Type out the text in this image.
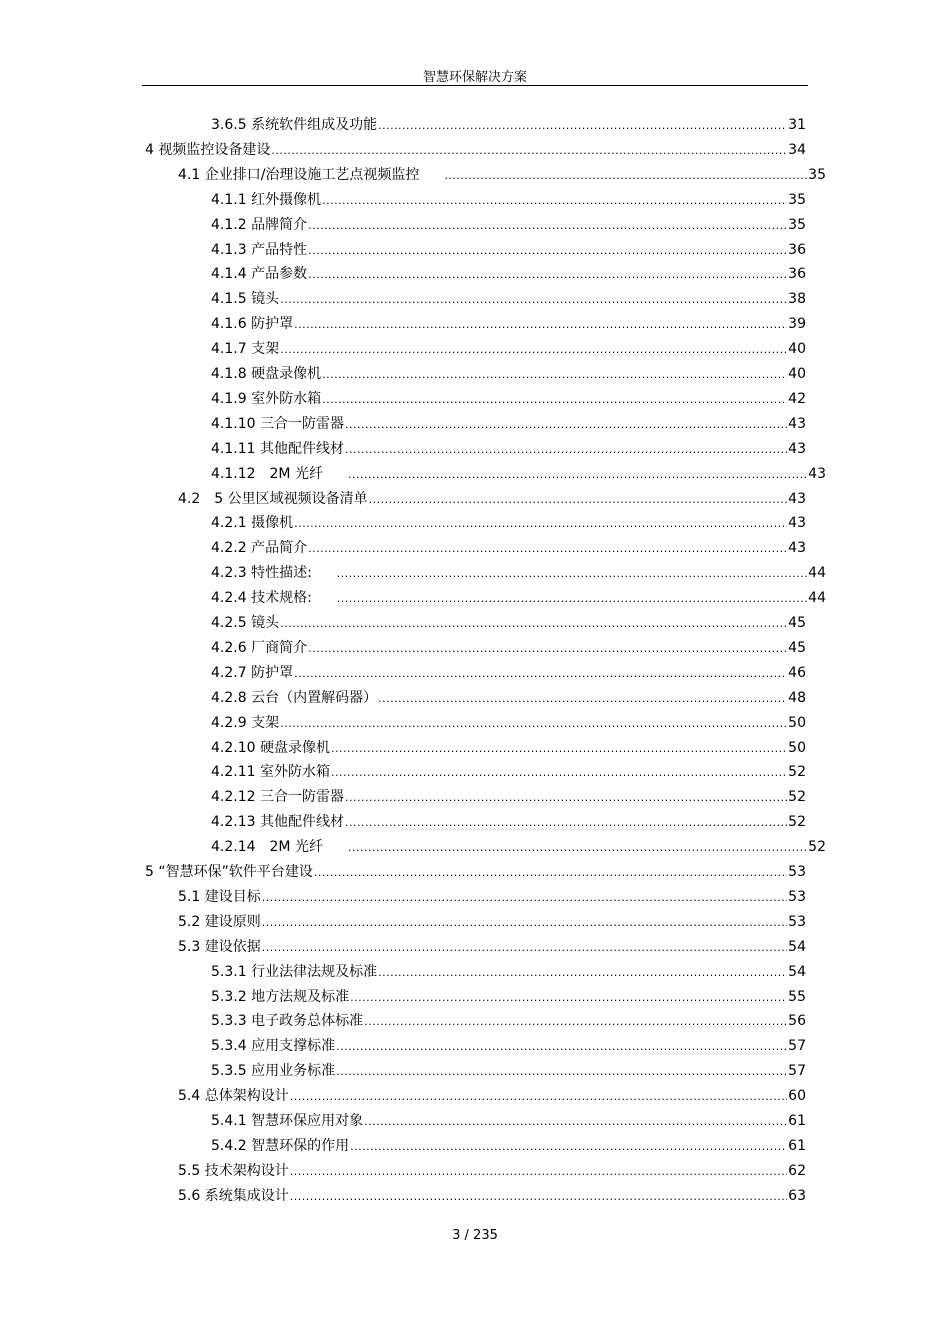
智慧环保解决方案
3.6.5 系统软件组成及功能 .....	31
4 视频监控设备建设 .....	34
4.1 企业排口/治理设施工艺点视频监控 .....	35
4.1.1 红外摄像机 .....	35
4.1.2 品牌简介 .....	35
4.1.3 产品特性 .....	36
4.1.4 产品参数 .....	36
4.1.5 镜头 .....	38
4.1.6 防护罩 .....	39
4.1.7 支架 .....	40
4.1.8 硬盘录像机 .....	40
4.1.9 室外防水箱 .....	42
4.1.10 三合一防雷器 .....	43
4.1.11 其他配件线材 .....	43
4.1.12　2M 光纤 .....	43
4.2　5 公里区域视频设备清单 .....	43
4.2.1 摄像机 .....	43
4.2.2 产品简介 .....	43
4.2.3 特性描述: .....	44
4.2.4 技术规格: .....	44
4.2.5 镜头 .....	45
4.2.6 厂商简介 .....	45
4.2.7 防护罩 .....	46
4.2.8 云台（内置解码器） .....	48
4.2.9 支架 .....	50
4.2.10 硬盘录像机 .....	50
4.2.11 室外防水箱 .....	52
4.2.12 三合一防雷器 .....	52
4.2.13 其他配件线材 .....	52
4.2.14　2M 光纤 .....	52
5 “智慧环保”软件平台建设 .....	53
5.1 建设目标 .....	53
5.2 建设原则 .....	53
5.3 建设依据 .....	54
5.3.1 行业法律法规及标准 .....	54
5.3.2 地方法规及标准 .....	55
5.3.3 电子政务总体标准 .....	56
5.3.4 应用支撑标准 .....	57
5.3.5 应用业务标准 .....	57
5.4 总体架构设计 .....	60
5.4.1 智慧环保应用对象 .....	61
5.4.2 智慧环保的作用 .....	61
5.5 技术架构设计 .....	62
5.6 系统集成设计 .....	63
3 / 235
